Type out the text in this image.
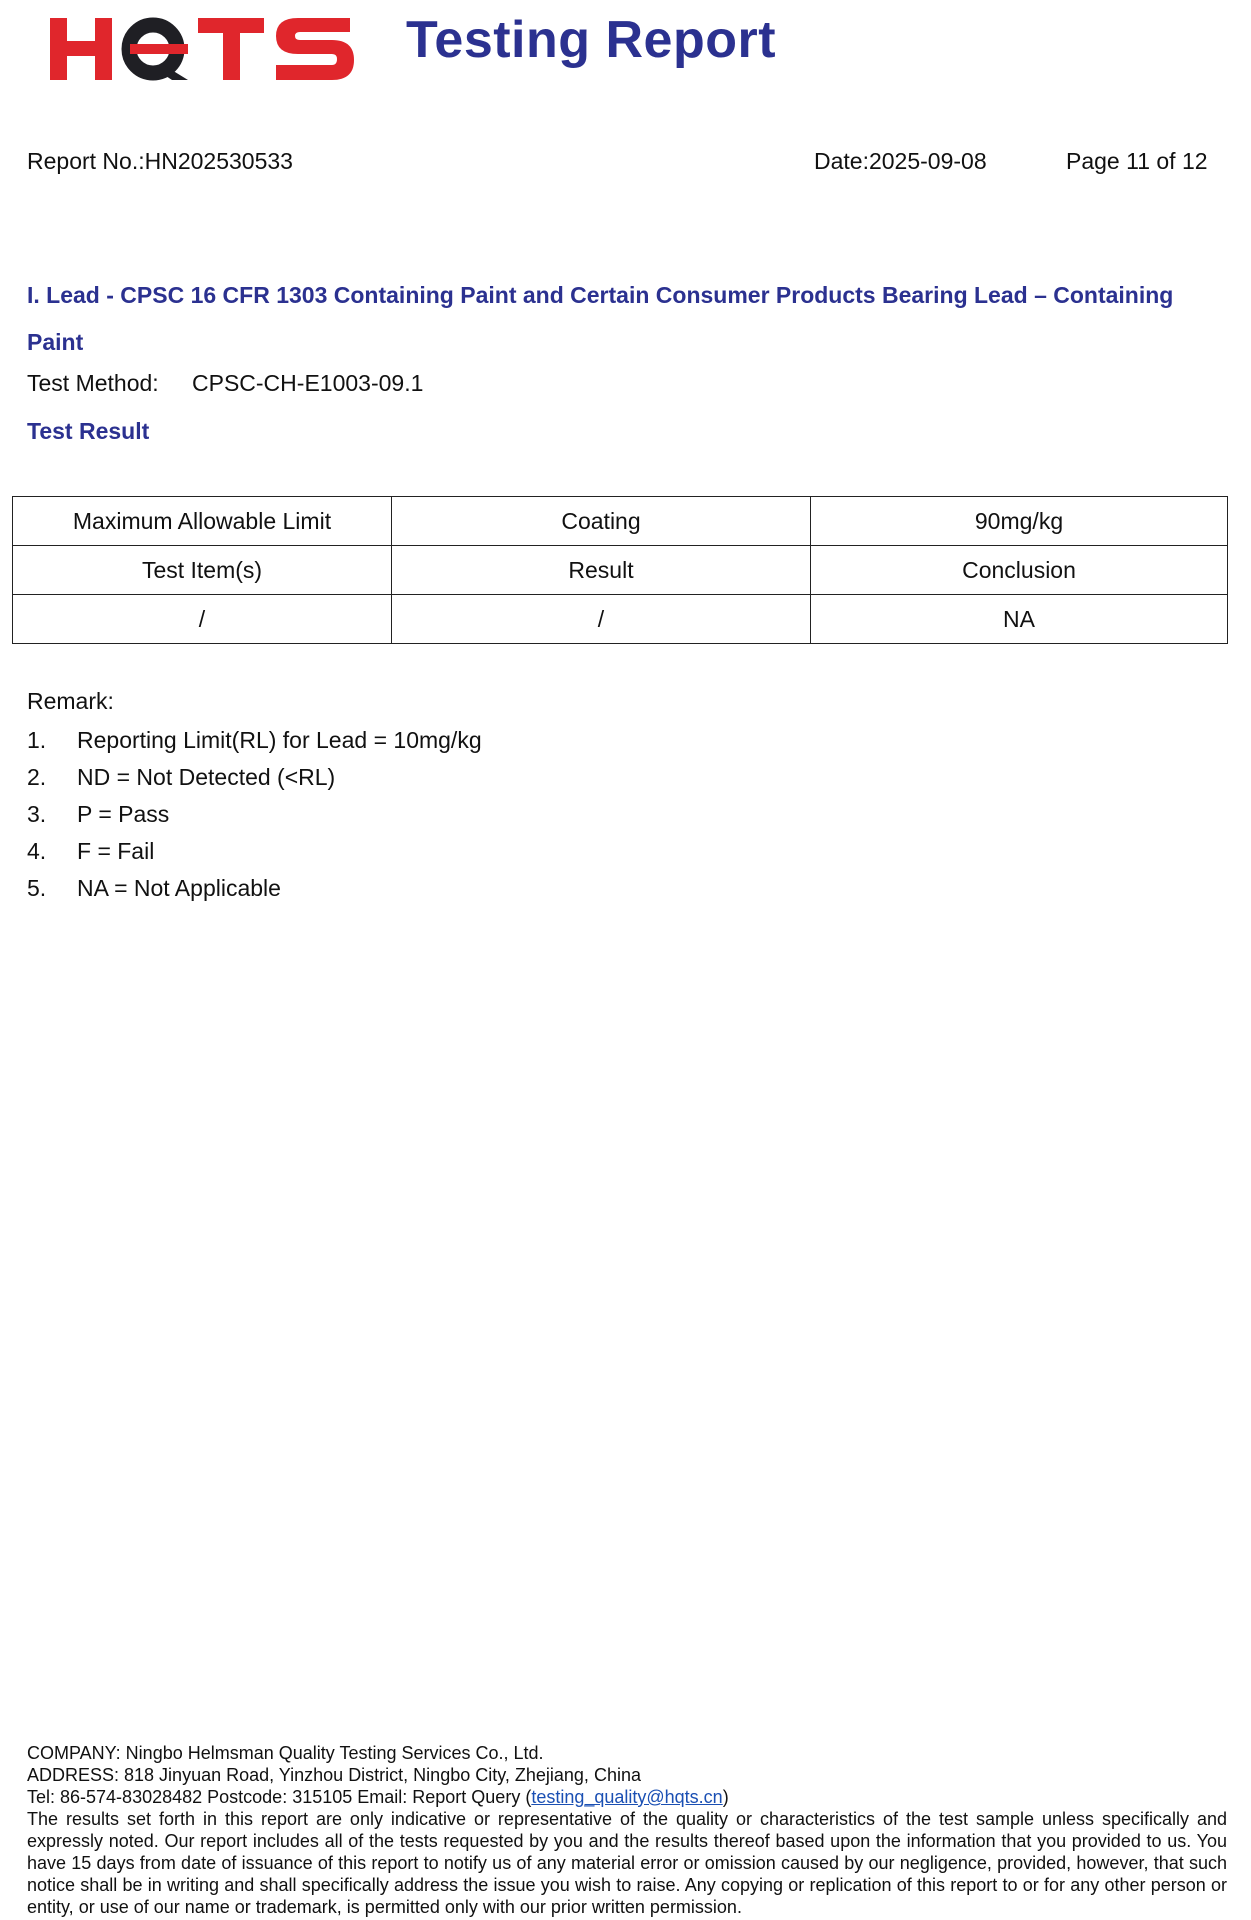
Testing Report
Report No.:HN202530533	Date:2025-09-08	Page 11 of 12
I. Lead - CPSC 16 CFR 1303 Containing Paint and Certain Consumer Products Bearing Lead – Containing Paint
Test Method: CPSC-CH-E1003-09.1
Test Result
Maximum Allowable Limit	Coating	90mg/kg
Test Item(s)	Result	Conclusion
/	/	NA
Remark:
1. Reporting Limit(RL) for Lead = 10mg/kg
2. ND = Not Detected (<RL)
3. P = Pass
4. F = Fail
5. NA = Not Applicable
COMPANY: Ningbo Helmsman Quality Testing Services Co., Ltd.
ADDRESS: 818 Jinyuan Road, Yinzhou District, Ningbo City, Zhejiang, China
Tel: 86-574-83028482 Postcode: 315105 Email: Report Query (testing_quality@hqts.cn)
The results set forth in this report are only indicative or representative of the quality or characteristics of the test sample unless specifically and expressly noted. Our report includes all of the tests requested by you and the results thereof based upon the information that you provided to us. You have 15 days from date of issuance of this report to notify us of any material error or omission caused by our negligence, provided, however, that such notice shall be in writing and shall specifically address the issue you wish to raise. Any copying or replication of this report to or for any other person or entity, or use of our name or trademark, is permitted only with our prior written permission.
